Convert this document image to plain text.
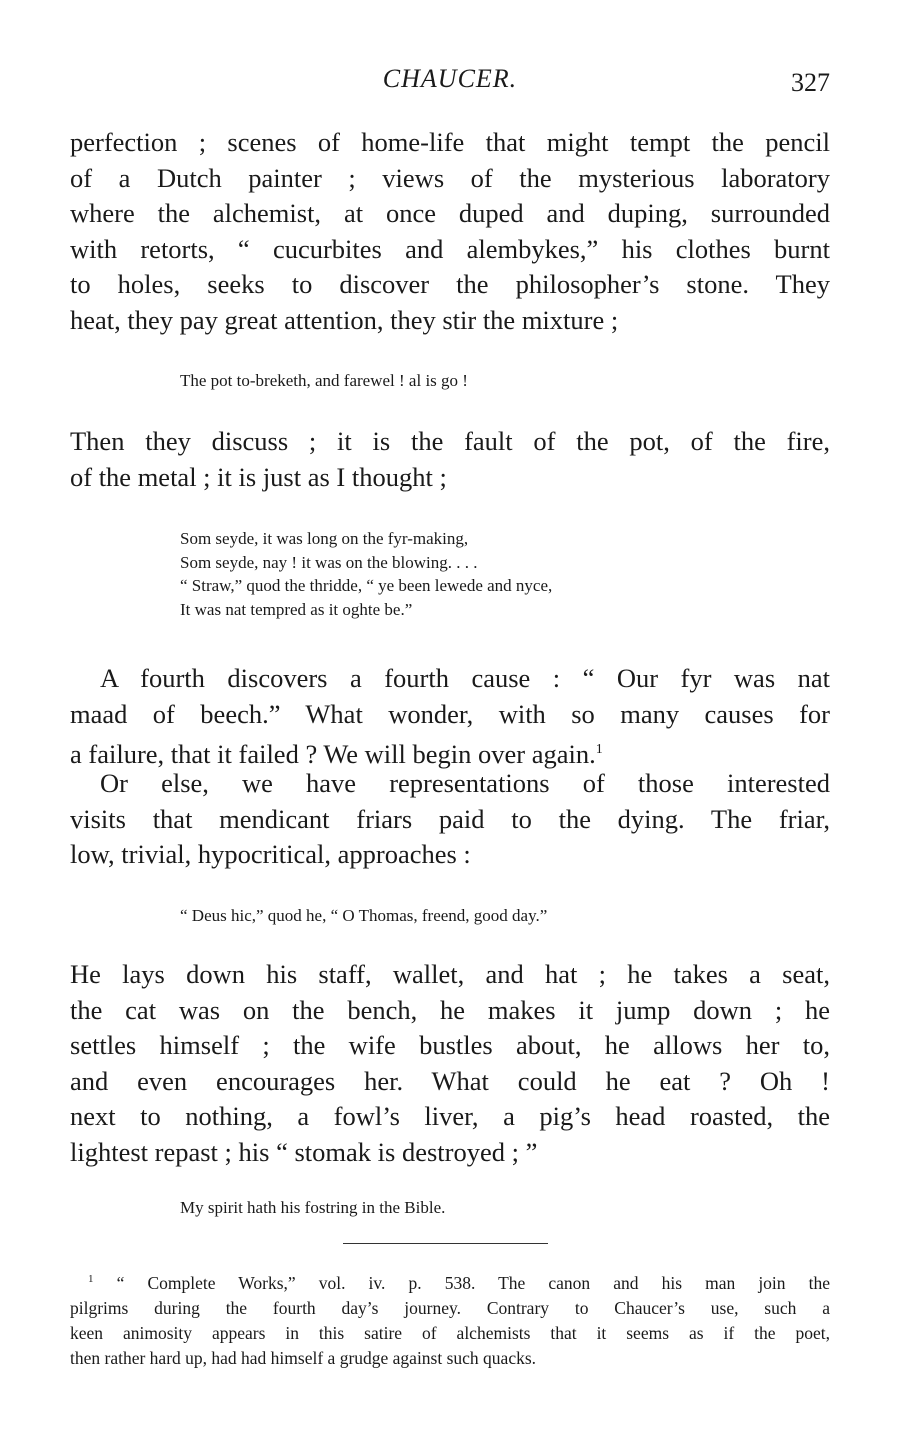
CHAUCER.	327

perfection ; scenes of home-life that might tempt the pencil
of a Dutch painter ; views of the mysterious laboratory
where the alchemist, at once duped and duping, surrounded
with retorts, “ cucurbites and alembykes,” his clothes burnt
to holes, seeks to discover the philosopher’s stone. They
heat, they pay great attention, they stir the mixture ;

The pot to-breketh, and farewel ! al is go !

Then they discuss ; it is the fault of the pot, of the fire,
of the metal ; it is just as I thought ;

Som seyde, it was long on the fyr-making,
Som seyde, nay ! it was on the blowing. . . .
“ Straw,” quod the thridde, “ ye been lewede and nyce,
It was nat tempred as it oghte be.”

A fourth discovers a fourth cause : “ Our fyr was nat
maad of beech.” What wonder, with so many causes for
a failure, that it failed ? We will begin over again.$^1$

Or else, we have representations of those interested
visits that mendicant friars paid to the dying. The friar,
low, trivial, hypocritical, approaches :

“ Deus hic,” quod he, “ O Thomas, freend, good day.”

He lays down his staff, wallet, and hat ; he takes a seat,
the cat was on the bench, he makes it jump down ; he
settles himself ; the wife bustles about, he allows her to,
and even encourages her. What could he eat ? Oh !
next to nothing, a fowl’s liver, a pig’s head roasted, the
lightest repast ; his “ stomak is destroyed ; ”

My spirit hath his fostring in the Bible.

$^1$ “ Complete Works,” vol. iv. p. 538. The canon and his man join the
pilgrims during the fourth day’s journey. Contrary to Chaucer’s use, such a
keen animosity appears in this satire of alchemists that it seems as if the poet,
then rather hard up, had had himself a grudge against such quacks.
